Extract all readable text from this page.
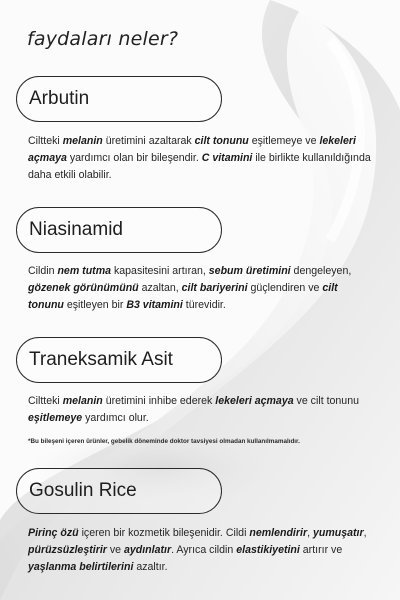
faydaları neler?
Arbutin

Ciltteki melanin üretimini azaltarak cilt tonunu eşitlemeye ve lekeleri açmaya yardımcı olan bir bileşendir. C vitamini ile birlikte kullanıldığında daha etkili olabilir.

Niasinamid

Cildin nem tutma kapasitesini artıran, sebum üretimini dengeleyen, gözenek görünümünü azaltan, cilt bariyerini güçlendiren ve cilt tonunu eşitleyen bir B3 vitamini türevidir.

Traneksamik Asit

Ciltteki melanin üretimini inhibe ederek lekeleri açmaya ve cilt tonunu eşitlemeye yardımcı olur.

*Bu bileşeni içeren ürünler, gebelik döneminde doktor tavsiyesi olmadan kullanılmamalıdır.

Gosulin Rice

Pirinç özü içeren bir kozmetik bileşenidir. Cildi nemlendirir, yumuşatır, pürüzsüzleştirir ve aydınlatır. Ayrıca cildin elastikiyetini artırır ve yaşlanma belirtilerini azaltır.
